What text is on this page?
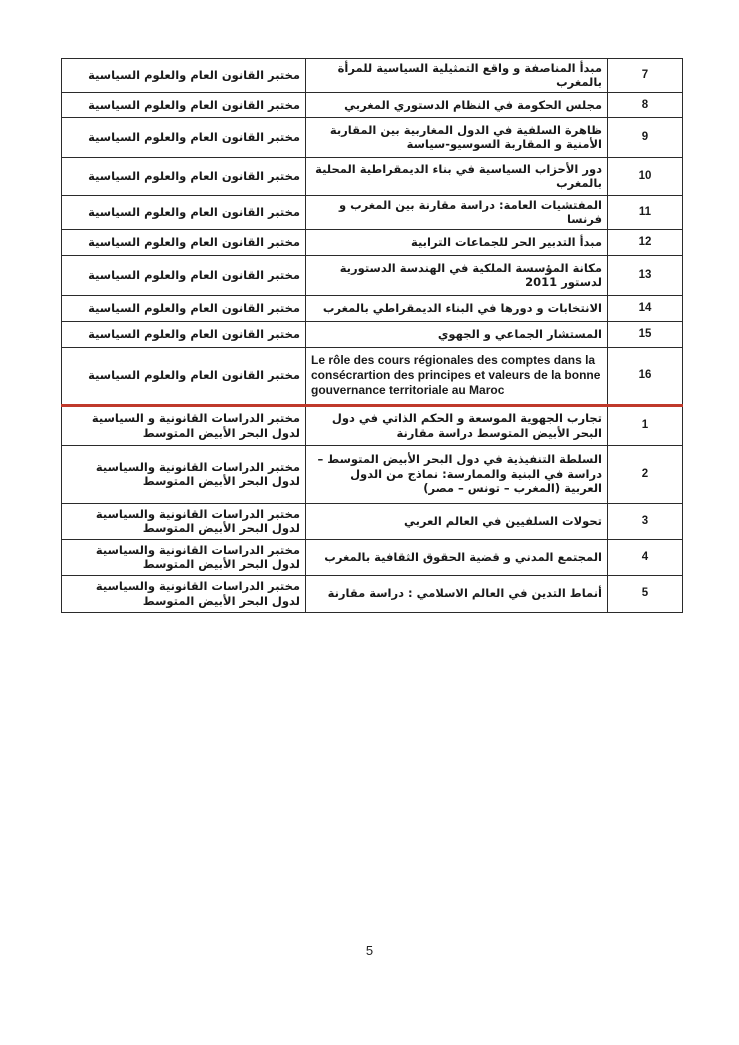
مختبر القانون العام والعلوم السياسية	مبدأ المناصفة و واقع التمثيلية السياسية للمرأة بالمغرب	7
مختبر القانون العام والعلوم السياسية	مجلس الحكومة في النظام الدستوري المغربي	8
مختبر القانون العام والعلوم السياسية	ظاهرة السلفية في الدول المغاربية بين المقاربة الأمنية و المقاربة السوسيو-سياسة	9
مختبر القانون العام والعلوم السياسية	دور الأحزاب السياسية في بناء الديمقراطية المحلية بالمغرب	10
مختبر القانون العام والعلوم السياسية	المفتشيات العامة: دراسة مقارنة بين المغرب و فرنسا	11
مختبر القانون العام والعلوم السياسية	مبدأ التدبير الحر للجماعات الترابية	12
مختبر القانون العام والعلوم السياسية	مكانة المؤسسة الملكية في الهندسة الدستورية لدستور 2011	13
مختبر القانون العام والعلوم السياسية	الانتخابات و دورها في البناء الديمقراطي بالمغرب	14
مختبر القانون العام والعلوم السياسية	المستشار الجماعي و الجهوي	15
مختبر القانون العام والعلوم السياسية	Le rôle des cours régionales des comptes dans la consécrartion des principes et valeurs de la bonne gouvernance territoriale au Maroc	16
مختبر الدراسات القانونية و السياسية لدول البحر الأبيض المتوسط	تجارب الجهوية الموسعة و الحكم الذاتي في دول البحر الأبيض المتوسط دراسة مقارنة	1
مختبر الدراسات القانونية والسياسية لدول البحر الأبيض المتوسط	السلطة التنفيذية في دول البحر الأبيض المتوسط – دراسة في البنية والممارسة: نماذج من الدول العربية (المغرب – تونس – مصر)	2
مختبر الدراسات القانونية والسياسية لدول البحر الأبيض المتوسط	تحولات السلفيين في العالم العربي	3
مختبر الدراسات القانونية والسياسية لدول البحر الأبيض المتوسط	المجتمع المدني و قضية الحقوق الثقافية بالمغرب	4
مختبر الدراسات القانونية والسياسية لدول البحر الأبيض المتوسط	أنماط التدين في العالم الاسلامي : دراسة مقارنة	5
5
